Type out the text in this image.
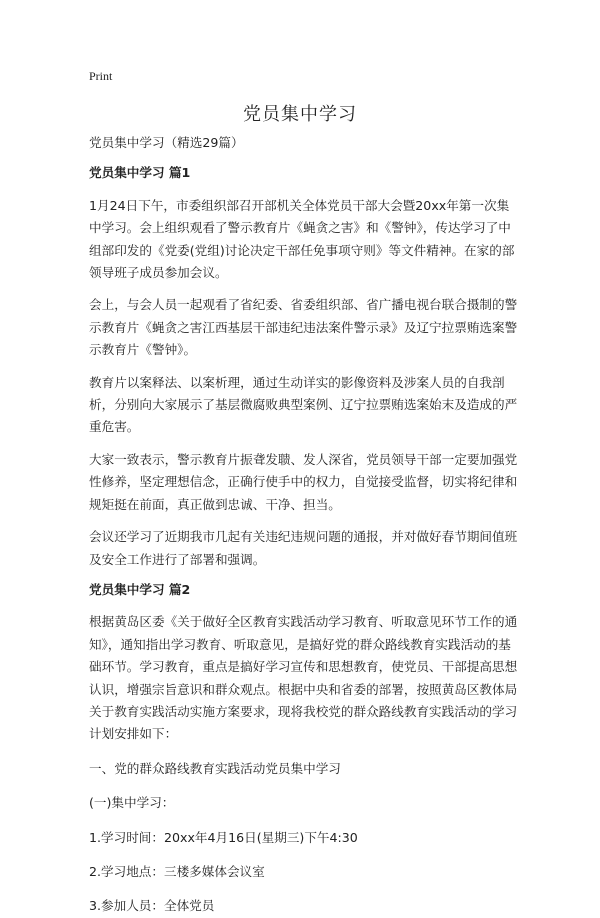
Print
党员集中学习

党员集中学习（精选29篇）

党员集中学习 篇1

1月24日下午，市委组织部召开部机关全体党员干部大会暨20xx年第一次集中学习。会上组织观看了警示教育片《蝇贪之害》和《警钟》，传达学习了中组部印发的《党委(党组)讨论决定干部任免事项守则》等文件精神。在家的部领导班子成员参加会议。

会上，与会人员一起观看了省纪委、省委组织部、省广播电视台联合摄制的警示教育片《蝇贪之害江西基层干部违纪违法案件警示录》及辽宁拉票贿选案警示教育片《警钟》。

教育片以案释法、以案析理，通过生动详实的影像资料及涉案人员的自我剖析，分别向大家展示了基层微腐败典型案例、辽宁拉票贿选案始末及造成的严重危害。

大家一致表示，警示教育片振聋发聩、发人深省，党员领导干部一定要加强党性修养，坚定理想信念，正确行使手中的权力，自觉接受监督，切实将纪律和规矩挺在前面，真正做到忠诚、干净、担当。

会议还学习了近期我市几起有关违纪违规问题的通报，并对做好春节期间值班及安全工作进行了部署和强调。

党员集中学习 篇2

根据黄岛区委《关于做好全区教育实践活动学习教育、听取意见环节工作的通知》，通知指出学习教育、听取意见，是搞好党的群众路线教育实践活动的基础环节。学习教育，重点是搞好学习宣传和思想教育，使党员、干部提高思想认识，增强宗旨意识和群众观点。根据中央和省委的部署，按照黄岛区教体局关于教育实践活动实施方案要求，现将我校党的群众路线教育实践活动的学习计划安排如下：

一、党的群众路线教育实践活动党员集中学习

(一)集中学习：

1.学习时间：20xx年4月16日(星期三)下午4:30

2.学习地点：三楼多媒体会议室

3.参加人员：全体党员
